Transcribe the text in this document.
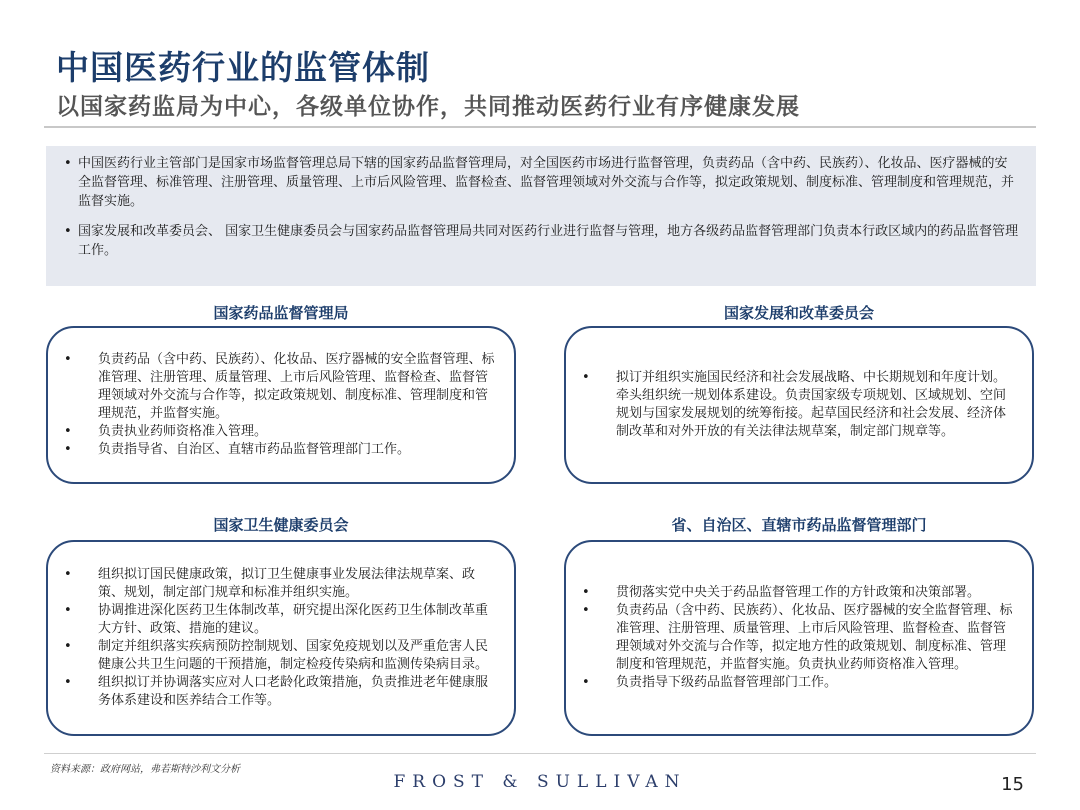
中国医药行业的监管体制
以国家药监局为中心，各级单位协作，共同推动医药行业有序健康发展
• 中国医药行业主管部门是国家市场监督管理总局下辖的国家药品监督管理局，对全国医药市场进行监督管理，负责药品（含中药、民族药）、化妆品、医疗器械的安全监督管理、标准管理、注册管理、质量管理、上市后风险管理、监督检查、监督管理领域对外交流与合作等，拟定政策规划、制度标准、管理制度和管理规范，并监督实施。
• 国家发展和改革委员会、 国家卫生健康委员会与国家药品监督管理局共同对医药行业进行监督与管理，地方各级药品监督管理部门负责本行政区域内的药品监督管理工作。
国家药品监督管理局
• 负责药品（含中药、民族药）、化妆品、医疗器械的安全监督管理、标准管理、注册管理、质量管理、上市后风险管理、监督检查、监督管理领域对外交流与合作等，拟定政策规划、制度标准、管理制度和管理规范，并监督实施。
• 负责执业药师资格准入管理。
• 负责指导省、自治区、直辖市药品监督管理部门工作。
国家发展和改革委员会
• 拟订并组织实施国民经济和社会发展战略、中长期规划和年度计划。牵头组织统一规划体系建设。负责国家级专项规划、区域规划、空间规划与国家发展规划的统筹衔接。起草国民经济和社会发展、经济体制改革和对外开放的有关法律法规草案，制定部门规章等。
国家卫生健康委员会
• 组织拟订国民健康政策，拟订卫生健康事业发展法律法规草案、政策、规划，制定部门规章和标准并组织实施。
• 协调推进深化医药卫生体制改革，研究提出深化医药卫生体制改革重大方针、政策、措施的建议。
• 制定并组织落实疾病预防控制规划、国家免疫规划以及严重危害人民健康公共卫生问题的干预措施，制定检疫传染病和监测传染病目录。
• 组织拟订并协调落实应对人口老龄化政策措施，负责推进老年健康服务体系建设和医养结合工作等。
省、自治区、直辖市药品监督管理部门
• 贯彻落实党中央关于药品监督管理工作的方针政策和决策部署。
• 负责药品（含中药、民族药）、化妆品、医疗器械的安全监督管理、标准管理、注册管理、质量管理、上市后风险管理、监督检查、监督管理领域对外交流与合作等，拟定地方性的政策规划、制度标准、管理制度和管理规范，并监督实施。负责执业药师资格准入管理。
• 负责指导下级药品监督管理部门工作。
资料来源：政府网站，弗若斯特沙利文分析
FROST & SULLIVAN	15
